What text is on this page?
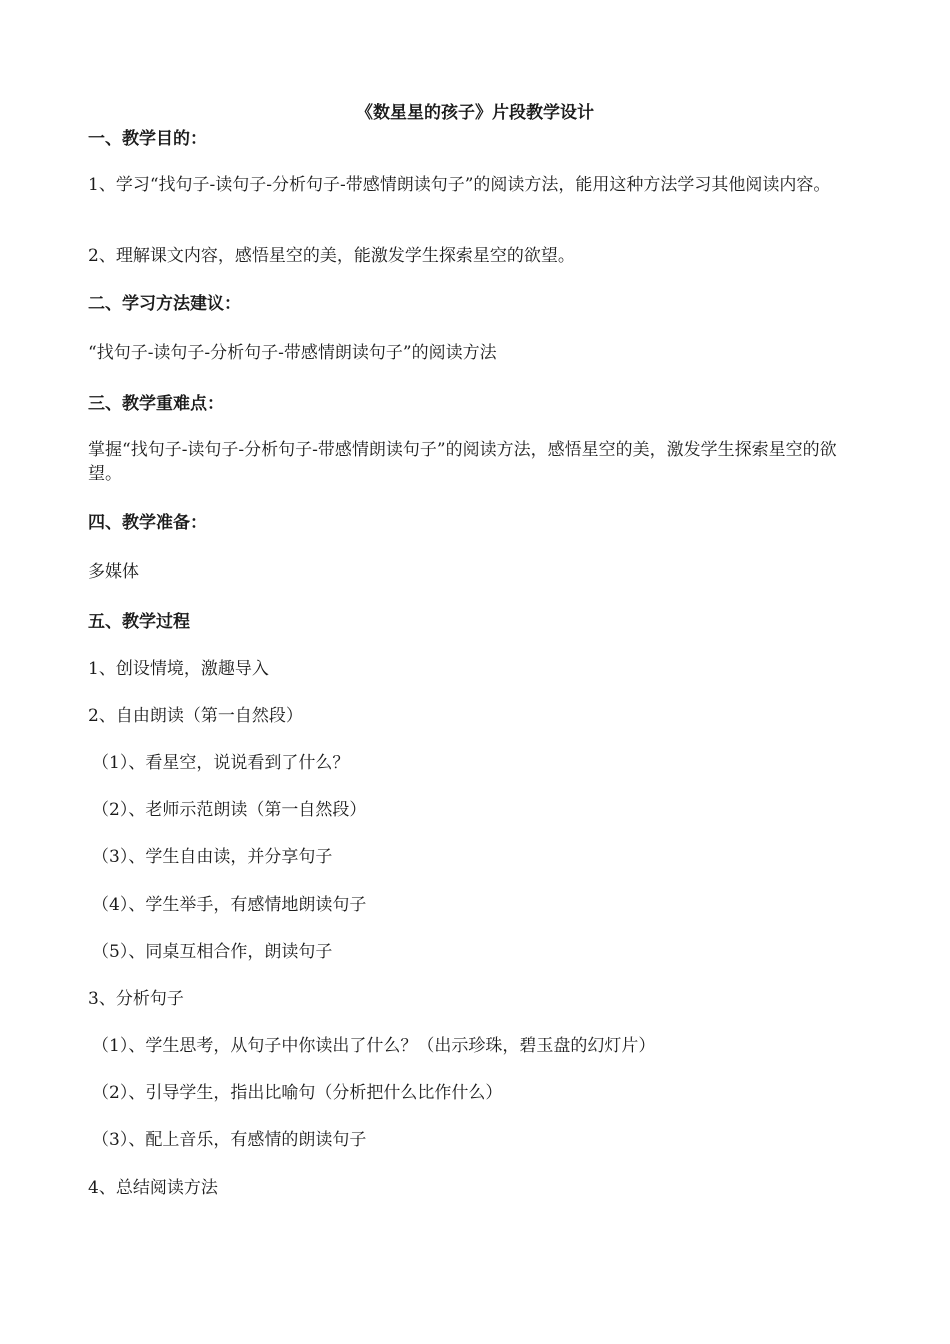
《数星星的孩子》片段教学设计

一、教学目的：

1、学习“找句子-读句子-分析句子-带感情朗读句子”的阅读方法，能用这种方法学习其他阅读内容。

2、理解课文内容，感悟星空的美，能激发学生探索星空的欲望。

二、学习方法建议：

“找句子-读句子-分析句子-带感情朗读句子”的阅读方法

三、教学重难点：

掌握“找句子-读句子-分析句子-带感情朗读句子”的阅读方法，感悟星空的美，激发学生探索星空的欲望。

四、教学准备：

多媒体

五、教学过程

1、创设情境，激趣导入

2、自由朗读（第一自然段）

（1）、看星空，说说看到了什么？

（2）、老师示范朗读（第一自然段）

（3）、学生自由读，并分享句子

（4）、学生举手，有感情地朗读句子

（5）、同桌互相合作，朗读句子

3、分析句子

（1）、学生思考，从句子中你读出了什么？（出示珍珠，碧玉盘的幻灯片）

（2）、引导学生，指出比喻句（分析把什么比作什么）

（3）、配上音乐，有感情的朗读句子

4、总结阅读方法
